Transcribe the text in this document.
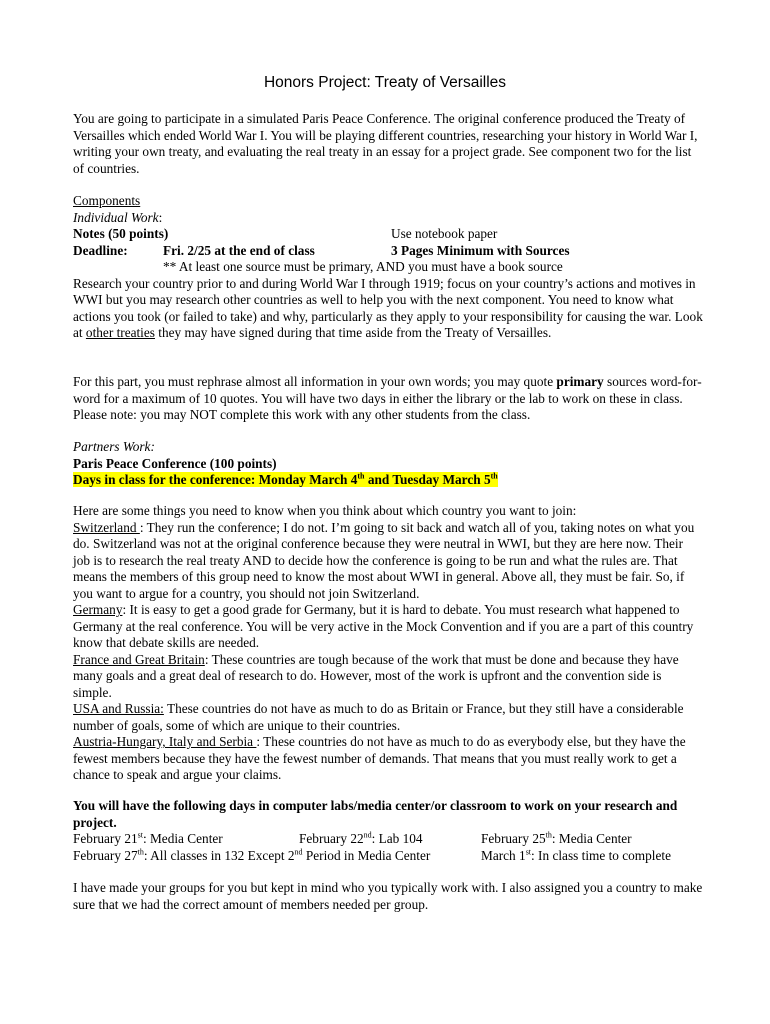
Honors Project: Treaty of Versailles

You are going to participate in a simulated Paris Peace Conference. The original conference produced the Treaty of Versailles which ended World War I. You will be playing different countries, researching your history in World War I, writing your own treaty, and evaluating the real treaty in an essay for a project grade. See component two for the list of countries.

Components

Individual Work:

Notes (50 points)	Use notebook paper
Deadline:	Fri. 2/25 at the end of class	3 Pages Minimum with Sources

** At least one source must be primary, AND you must have a book source

Research your country prior to and during World War I through 1919; focus on your country’s actions and motives in WWI but you may research other countries as well to help you with the next component. You need to know what actions you took (or failed to take) and why, particularly as they apply to your responsibility for causing the war. Look at other treaties they may have signed during that time aside from the Treaty of Versailles.

For this part, you must rephrase almost all information in your own words; you may quote primary sources word-for-word for a maximum of 10 quotes. You will have two days in either the library or the lab to work on these in class. Please note: you may NOT complete this work with any other students from the class.

Partners Work:

Paris Peace Conference (100 points)

Days in class for the conference: Monday March 4th and Tuesday March 5th

Here are some things you need to know when you think about which country you want to join:

Switzerland : They run the conference; I do not. I’m going to sit back and watch all of you, taking notes on what you do. Switzerland was not at the original conference because they were neutral in WWI, but they are here now. Their job is to research the real treaty AND to decide how the conference is going to be run and what the rules are. That means the members of this group need to know the most about WWI in general. Above all, they must be fair. So, if you want to argue for a country, you should not join Switzerland.

Germany: It is easy to get a good grade for Germany, but it is hard to debate. You must research what happened to Germany at the real conference. You will be very active in the Mock Convention and if you are a part of this country know that debate skills are needed.

France and Great Britain: These countries are tough because of the work that must be done and because they have many goals and a great deal of research to do. However, most of the work is upfront and the convention side is simple.

USA and Russia: These countries do not have as much to do as Britain or France, but they still have a considerable number of goals, some of which are unique to their countries.

Austria-Hungary, Italy and Serbia : These countries do not have as much to do as everybody else, but they have the fewest members because they have the fewest number of demands. That means that you must really work to get a chance to speak and argue your claims.

You will have the following days in computer labs/media center/or classroom to work on your research and project.

February 21st: Media Center	February 22nd: Lab 104	February 25th: Media Center
February 27th: All classes in 132 Except 2nd Period in Media Center	March 1st: In class time to complete

I have made your groups for you but kept in mind who you typically work with. I also assigned you a country to make sure that we had the correct amount of members needed per group.
